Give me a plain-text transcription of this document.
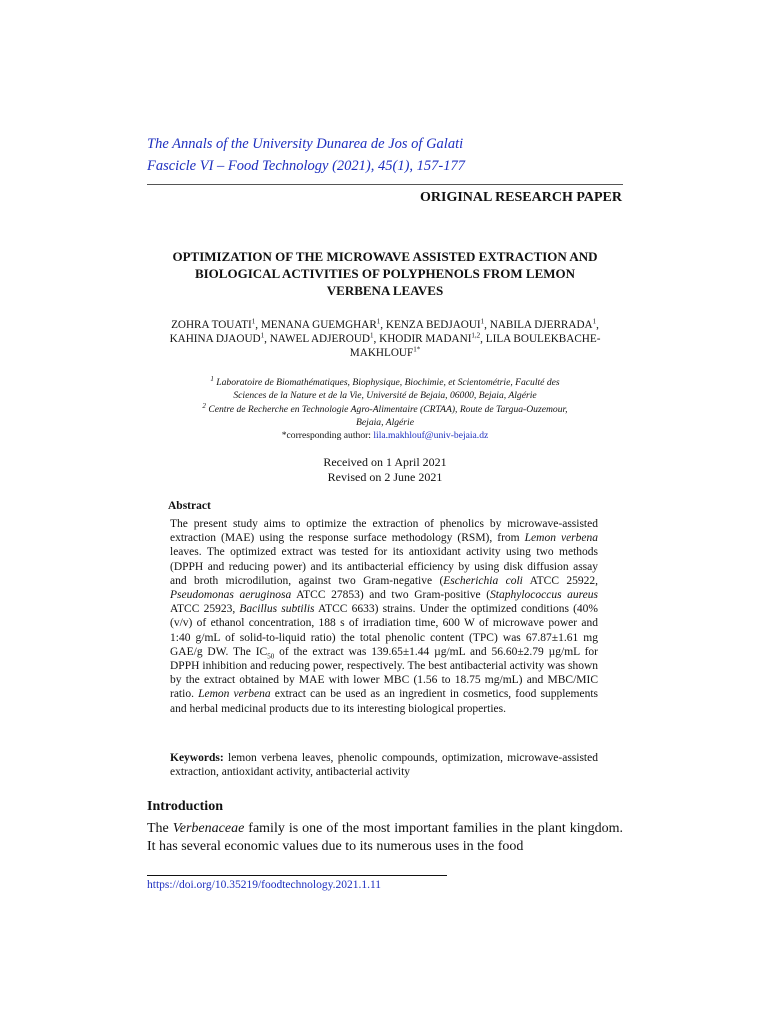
The Annals of the University Dunarea de Jos of Galati
Fascicle VI – Food Technology (2021), 45(1), 157-177
ORIGINAL RESEARCH PAPER
OPTIMIZATION OF THE MICROWAVE ASSISTED EXTRACTION AND
BIOLOGICAL ACTIVITIES OF POLYPHENOLS FROM LEMON
VERBENA LEAVES
ZOHRA TOUATI$^1$, MENANA GUEMGHAR$^1$, KENZA BEDJAOUI$^1$, NABILA DJERRADA$^1$,
KAHINA DJAOUD$^1$, NAWEL ADJEROUD$^1$, KHODIR MADANI$^{1,2}$, LILA BOULEKBACHE-
$MAKHLOUF^{1*}$
$^1$ Laboratoire de Biomathématiques, Biophysique, Biochimie, et Scientométrie, Faculté des
Sciences de la Nature et de la Vie, Université de Bejaia, 06000, Bejaia, Algérie
$^2$ Centre de Recherche en Technologie Agro-Alimentaire (CRTAA), Route de Targua-Ouzemour,
Bejaia, Algérie
*corresponding author: lila.makhlouf@univ-bejaia.dz
Received on 1 April 2021
Revised on 2 June 2021
Abstract
The present study aims to optimize the extraction of phenolics by microwave-assisted extraction (MAE) using the response surface methodology (RSM), from Lemon verbena leaves. The optimized extract was tested for its antioxidant activity using two methods (DPPH and reducing power) and its antibacterial efficiency by using disk diffusion assay and broth microdilution, against two Gram-negative (Escherichia coli ATCC 25922, Pseudomonas aeruginosa ATCC 27853) and two Gram-positive (Staphylococcus aureus ATCC 25923, Bacillus subtilis ATCC 6633) strains. Under the optimized conditions (40% (v/v) of ethanol concentration, 188 s of irradiation time, 600 W of microwave power and 1:40 g/mL of solid-to-liquid ratio) the total phenolic content (TPC) was 67.87±1.61 mg GAE/g DW. The $IC_{50}$ of the extract was 139.65±1.44 µg/mL and 56.60±2.79 µg/mL for DPPH inhibition and reducing power, respectively. The best antibacterial activity was shown by the extract obtained by MAE with lower MBC (1.56 to 18.75 mg/mL) and MBC/MIC ratio. Lemon verbena extract can be used as an ingredient in cosmetics, food supplements and herbal medicinal products due to its interesting biological properties.
Keywords: lemon verbena leaves, phenolic compounds, optimization, microwave-assisted extraction, antioxidant activity, antibacterial activity
Introduction
The Verbenaceae family is one of the most important families in the plant kingdom. It has several economic values due to its numerous uses in the food
https://doi.org/10.35219/foodtechnology.2021.1.11
